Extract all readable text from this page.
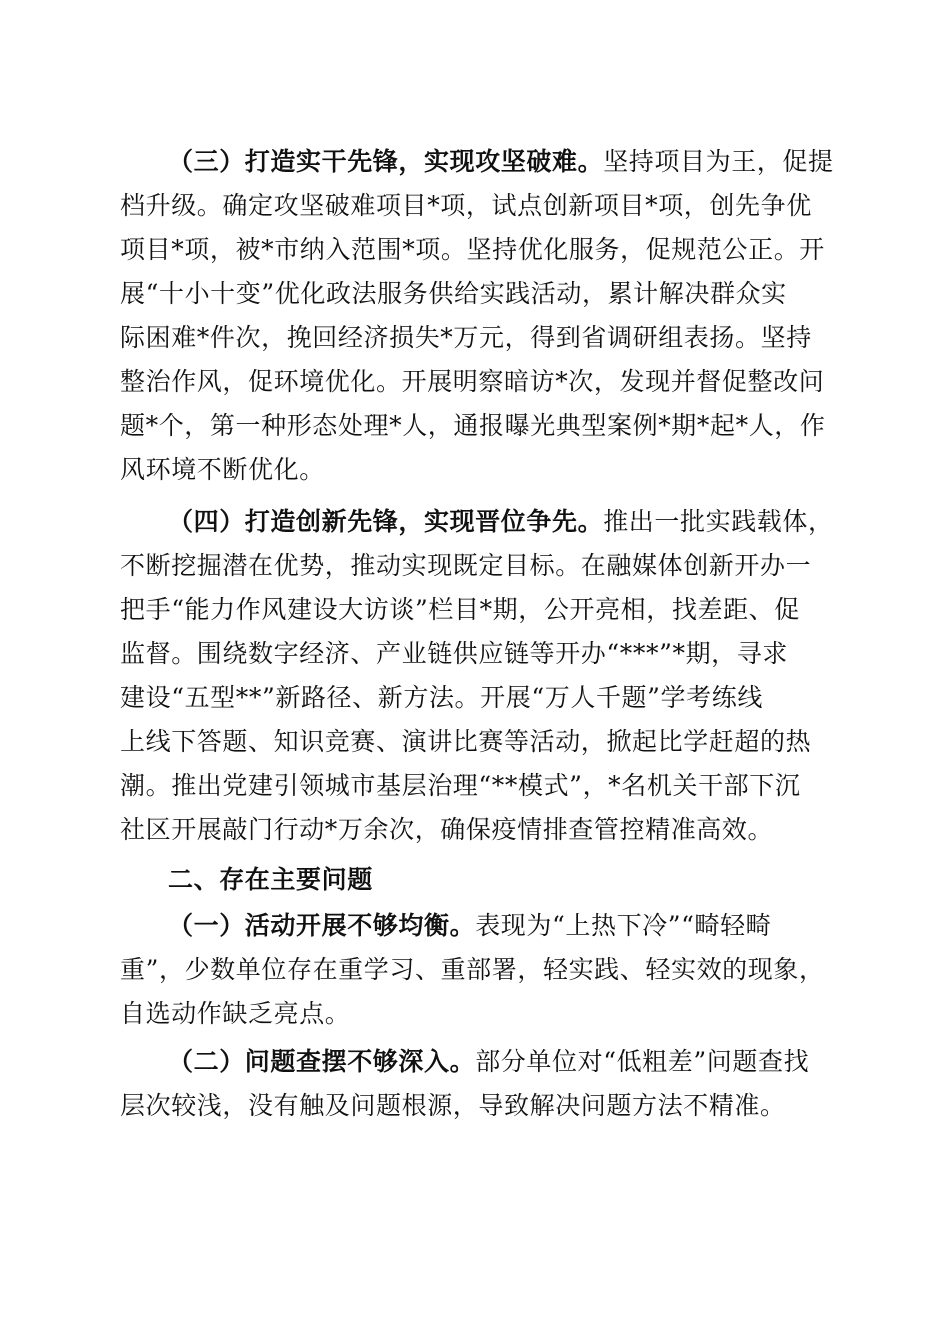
（三）打造实干先锋，实现攻坚破难。坚持项目为王，促提
档升级。确定攻坚破难项目*项，试点创新项目*项，创先争优
项目*项，被*市纳入范围*项。坚持优化服务，促规范公正。开
展“十小十变”优化政法服务供给实践活动，累计解决群众实
际困难*件次，挽回经济损失*万元，得到省调研组表扬。坚持
整治作风，促环境优化。开展明察暗访*次，发现并督促整改问
题*个，第一种形态处理*人，通报曝光典型案例*期*起*人，作
风环境不断优化。
（四）打造创新先锋，实现晋位争先。推出一批实践载体，
不断挖掘潜在优势，推动实现既定目标。在融媒体创新开办一
把手“能力作风建设大访谈”栏目*期，公开亮相，找差距、促
监督。围绕数字经济、产业链供应链等开办“***”*期，寻求
建设“五型**”新路径、新方法。开展“万人千题”学考练线
上线下答题、知识竞赛、演讲比赛等活动，掀起比学赶超的热
潮。推出党建引领城市基层治理“**模式”，*名机关干部下沉
社区开展敲门行动*万余次，确保疫情排查管控精准高效。
二、存在主要问题
（一）活动开展不够均衡。表现为“上热下冷”“畸轻畸
重”，少数单位存在重学习、重部署，轻实践、轻实效的现象，
自选动作缺乏亮点。
（二）问题查摆不够深入。部分单位对“低粗差”问题查找
层次较浅，没有触及问题根源，导致解决问题方法不精准。
